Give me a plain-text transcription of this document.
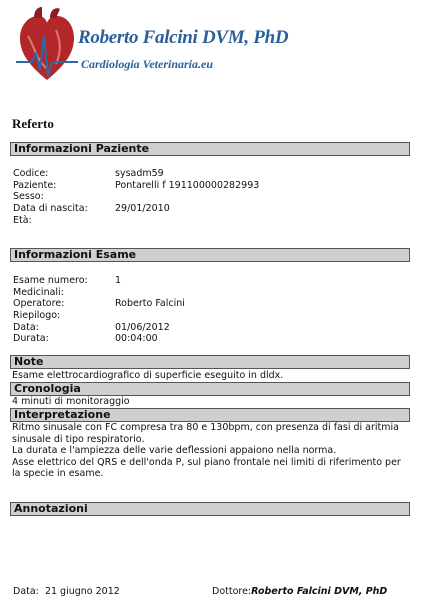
Roberto Falcini DVM, PhD
Cardiologia Veterinaria.eu
Referto
Informazioni Paziente
Codice:	sysadm59
Paziente:	Pontarelli f 191100000282993
Sesso:
Data di nascita:	29/01/2010
Età:
Informazioni Esame
Esame numero:	1
Medicinali:
Operatore:	Roberto Falcini
Riepilogo:
Data:	01/06/2012
Durata:	00:04:00
Note
Esame elettrocardiografico di superficie eseguito in dldx.
Cronologia
4 minuti di monitoraggio
Interpretazione
Ritmo sinusale con FC compresa tra 80 e 130bpm, con presenza di fasi di aritmia
sinusale di tipo respiratorio.
La durata e l'ampiezza delle varie deflessioni appaiono nella norma.
Asse elettrico del QRS e dell'onda P, sul piano frontale nei limiti di riferimento per
la specie in esame.
Annotazioni
Data: 21 giugno 2012	Dottore:Roberto Falcini DVM, PhD
